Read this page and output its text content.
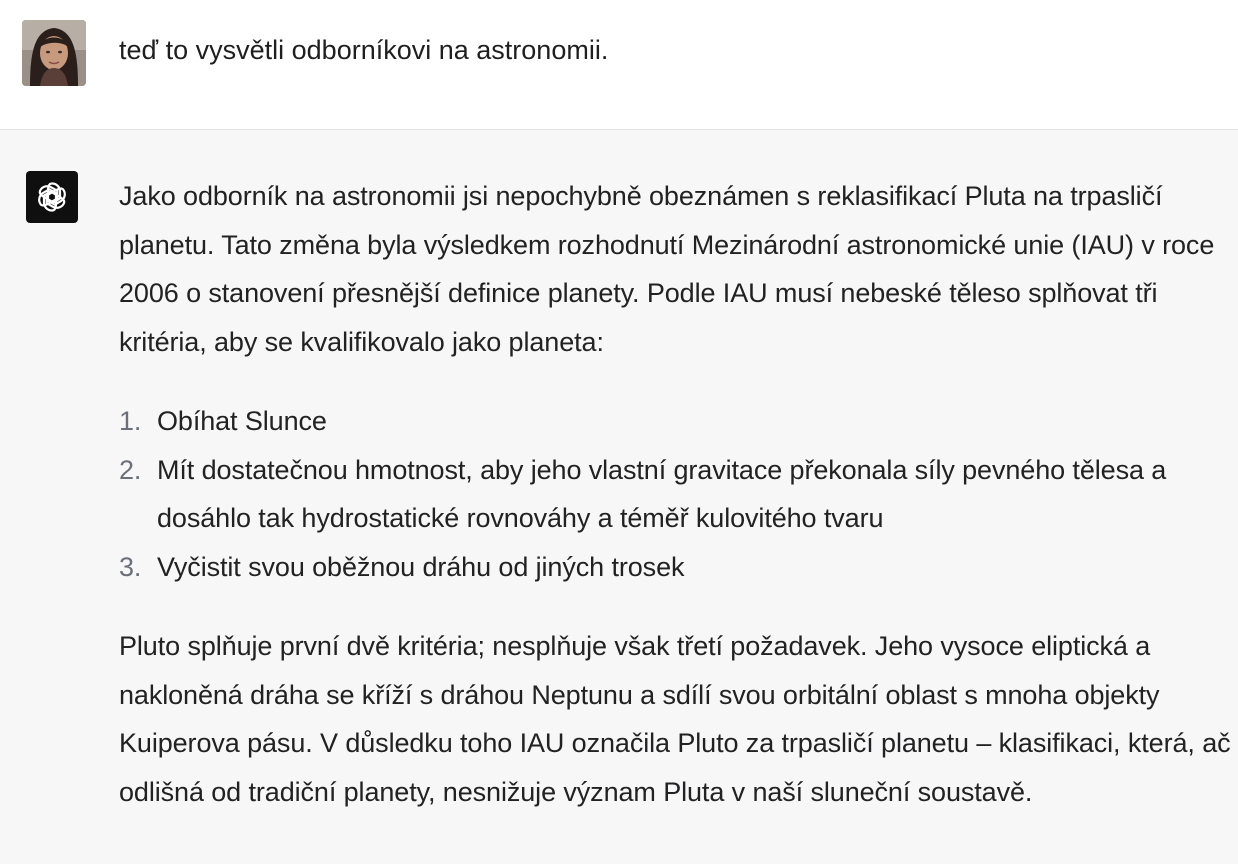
teď to vysvětli odborníkovi na astronomii.

Jako odborník na astronomii jsi nepochybně obeznámen s reklasifikací Pluta na trpasličí planetu. Tato změna byla výsledkem rozhodnutí Mezinárodní astronomické unie (IAU) v roce 2006 o stanovení přesnější definice planety. Podle IAU musí nebeské těleso splňovat tři kritéria, aby se kvalifikovalo jako planeta:

1. Obíhat Slunce
2. Mít dostatečnou hmotnost, aby jeho vlastní gravitace překonala síly pevného tělesa a dosáhlo tak hydrostatické rovnováhy a téměř kulovitého tvaru
3. Vyčistit svou oběžnou dráhu od jiných trosek

Pluto splňuje první dvě kritéria; nesplňuje však třetí požadavek. Jeho vysoce eliptická a nakloněná dráha se kříží s dráhou Neptunu a sdílí svou orbitální oblast s mnoha objekty Kuiperova pásu. V důsledku toho IAU označila Pluto za trpasličí planetu – klasifikaci, která, ač odlišná od tradiční planety, nesnižuje význam Pluta v naší sluneční soustavě.
